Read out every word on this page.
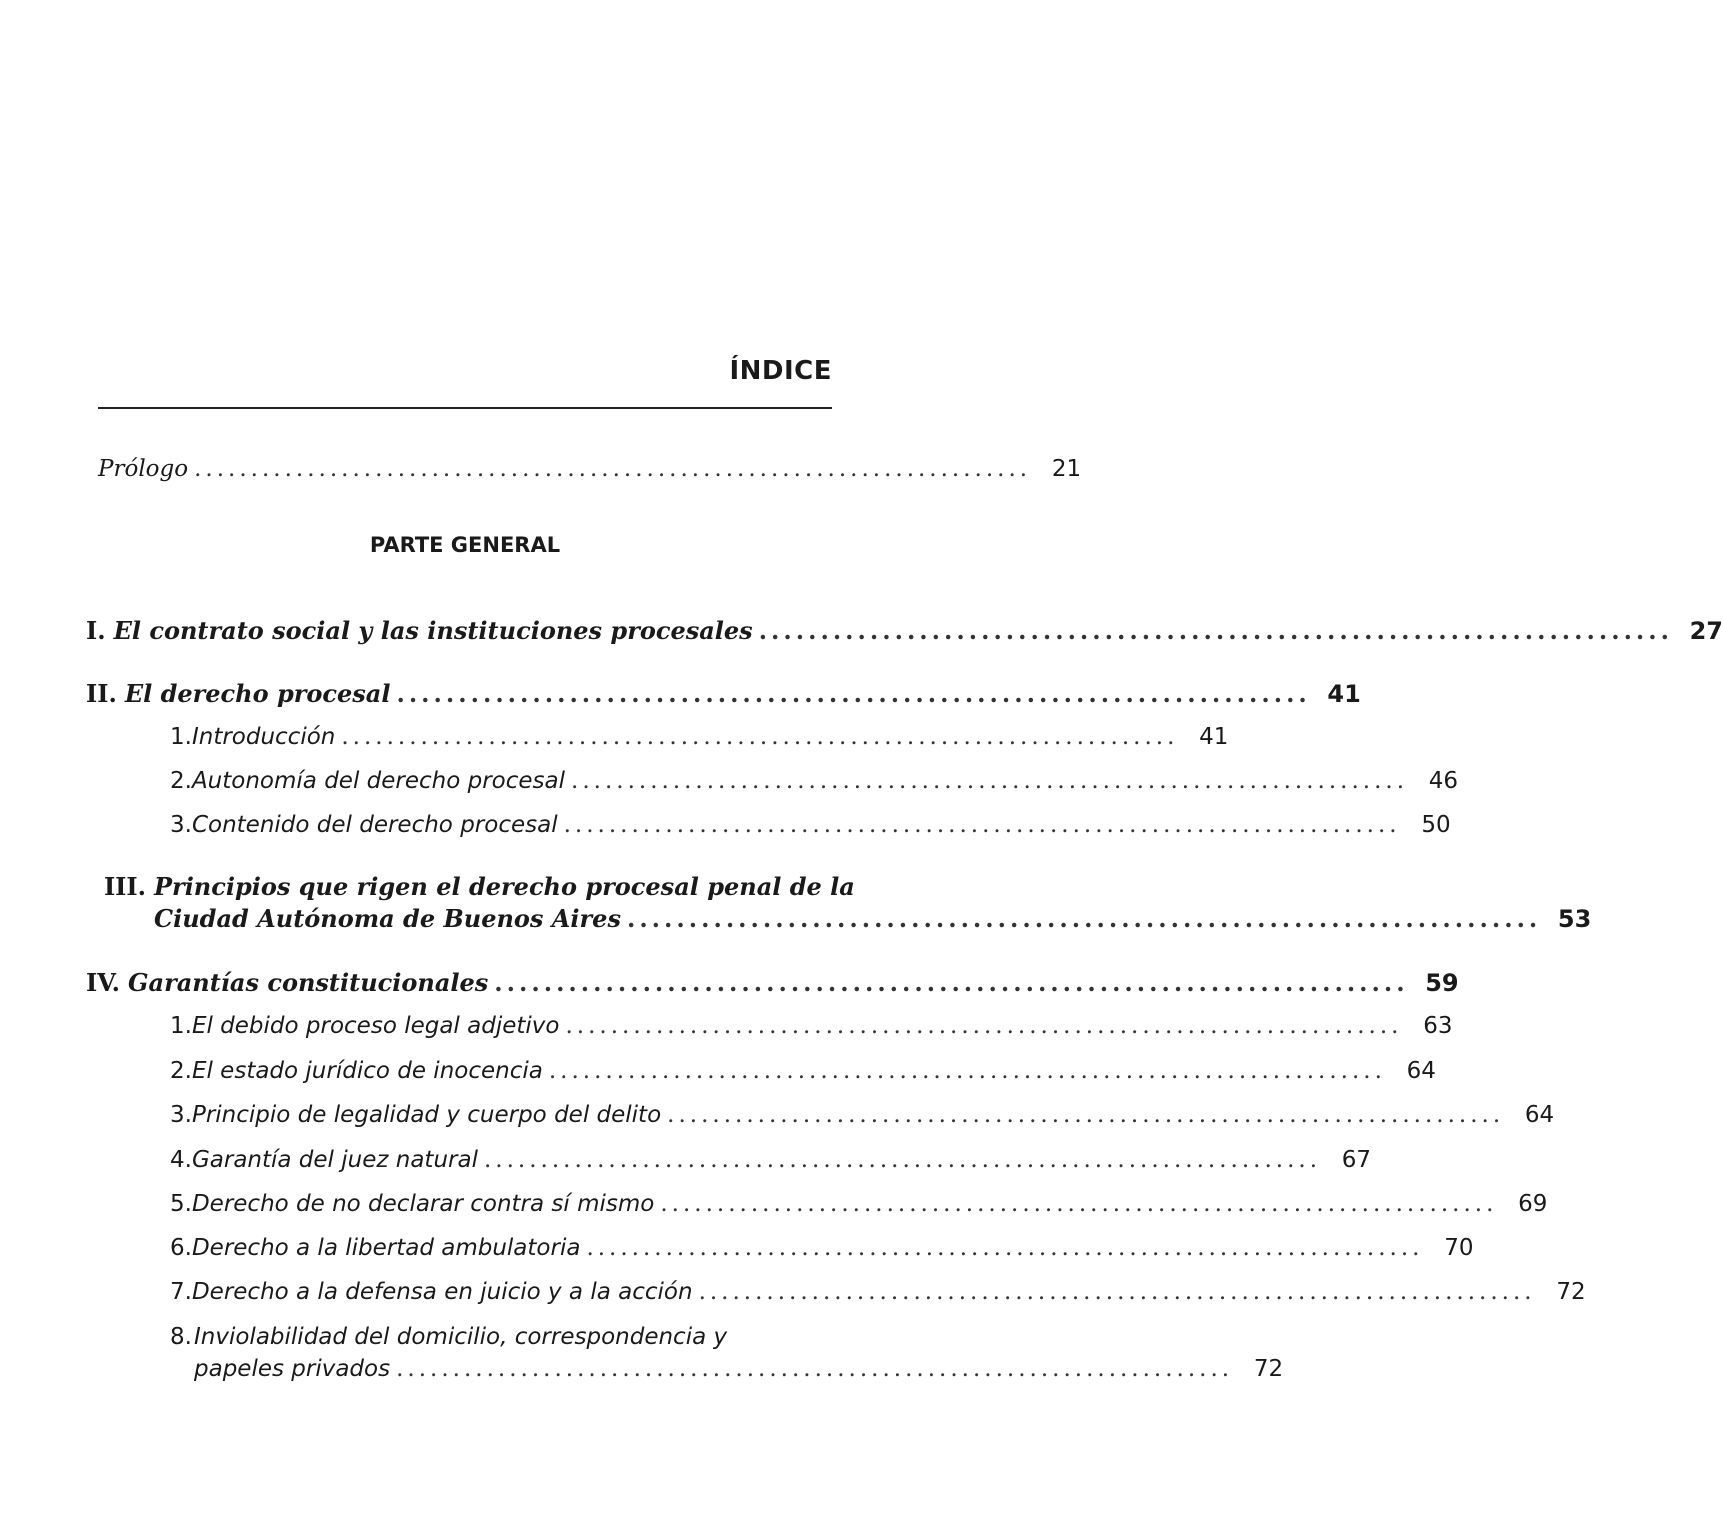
ÍNDICE
Prólogo .......................................................................... 21
PARTE GENERAL
I. El contrato social y las instituciones procesales .......................................................................... 27
II. El derecho procesal .......................................................................... 41
1. Introducción .......................................................................... 41
2. Autonomía del derecho procesal .......................................................................... 46
3. Contenido del derecho procesal .......................................................................... 50
III. Principios que rigen el derecho procesal penal de la
Ciudad Autónoma de Buenos Aires .......................................................................... 53
IV. Garantías constitucionales .......................................................................... 59
1. El debido proceso legal adjetivo .......................................................................... 63
2. El estado jurídico de inocencia .......................................................................... 64
3. Principio de legalidad y cuerpo del delito .......................................................................... 64
4. Garantía del juez natural .......................................................................... 67
5. Derecho de no declarar contra sí mismo .......................................................................... 69
6. Derecho a la libertad ambulatoria .......................................................................... 70
7. Derecho a la defensa en juicio y a la acción .......................................................................... 72
8.Inviolabilidad del domicilio, correspondencia y
papeles privados .......................................................................... 72
